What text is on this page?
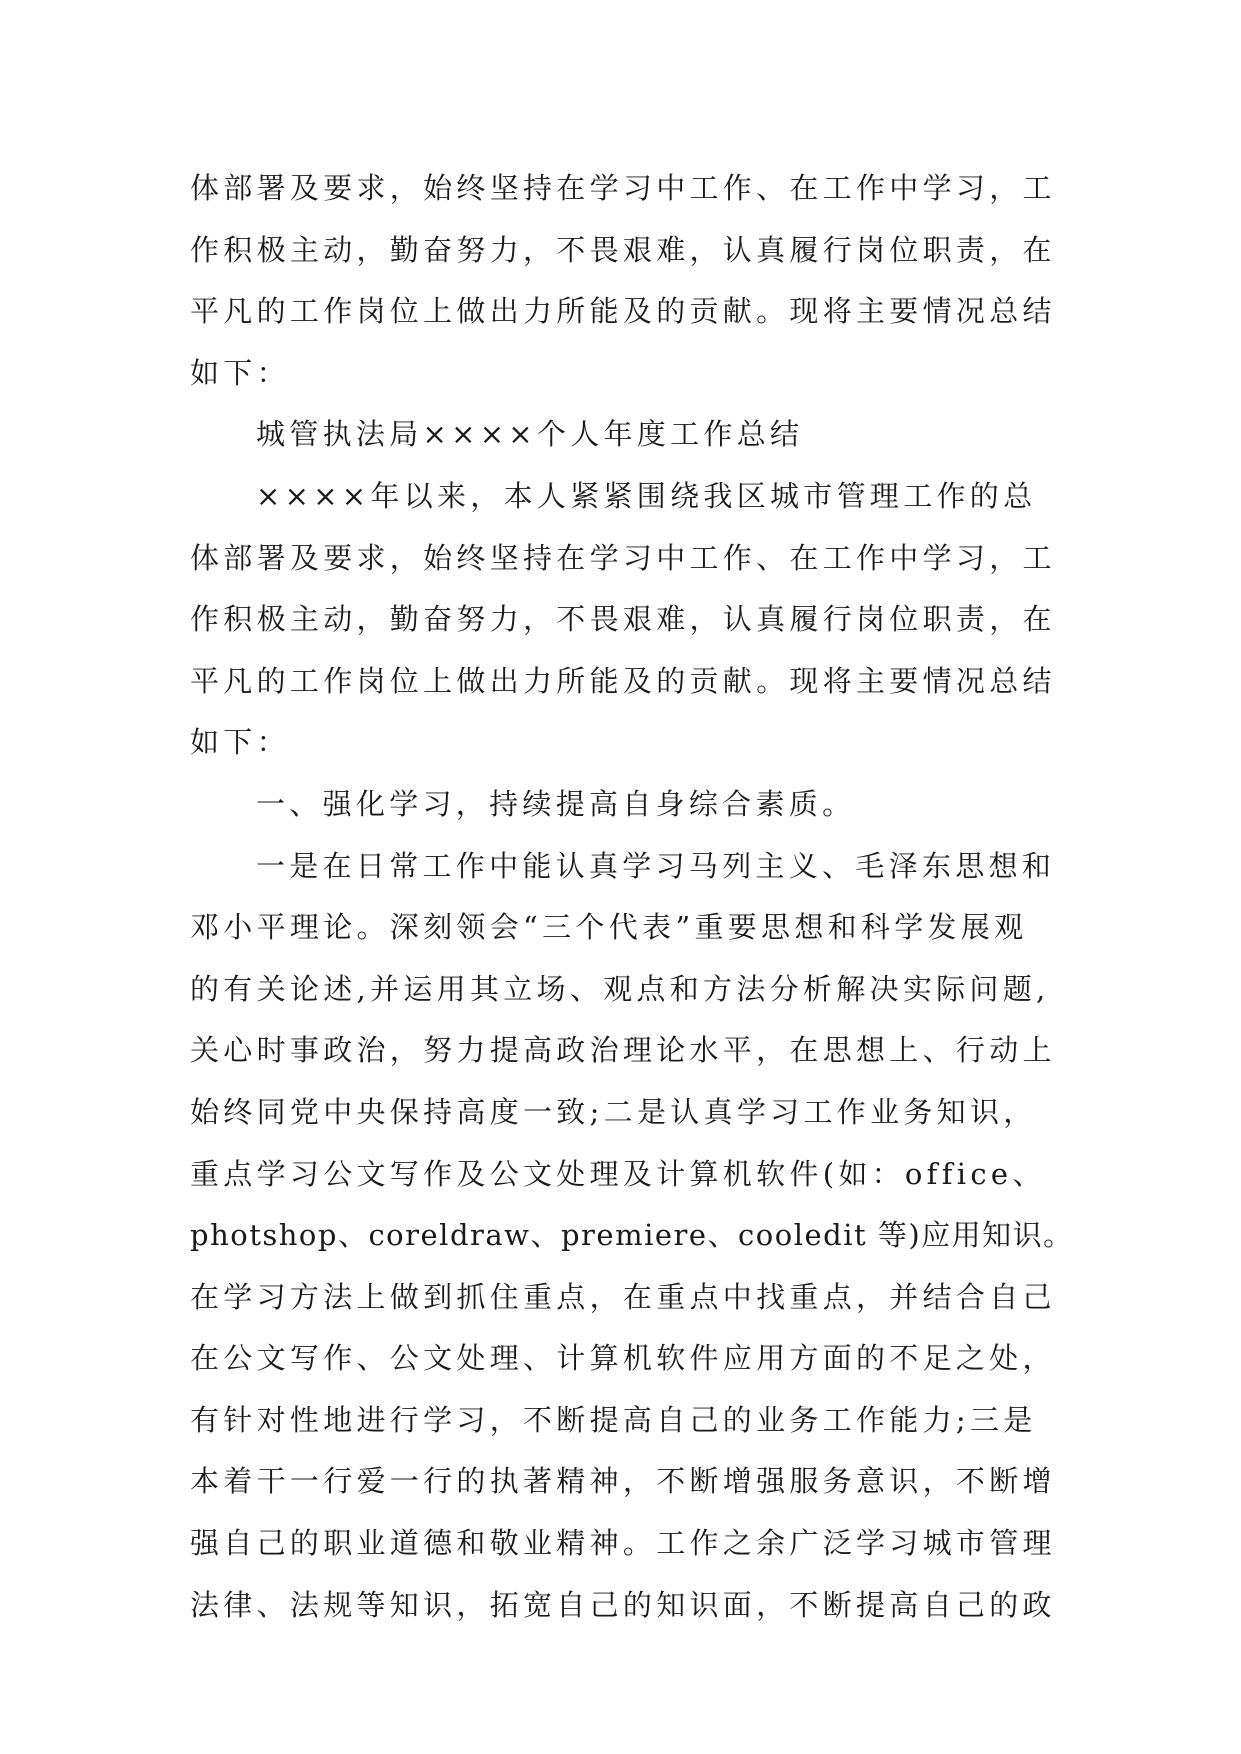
体部署及要求，始终坚持在学习中工作、在工作中学习，工
作积极主动，勤奋努力，不畏艰难，认真履行岗位职责，在
平凡的工作岗位上做出力所能及的贡献。现将主要情况总结
如下：
城管执法局××××个人年度工作总结
××××年以来，本人紧紧围绕我区城市管理工作的总
体部署及要求，始终坚持在学习中工作、在工作中学习，工
作积极主动，勤奋努力，不畏艰难，认真履行岗位职责，在
平凡的工作岗位上做出力所能及的贡献。现将主要情况总结
如下：
一、强化学习，持续提高自身综合素质。
一是在日常工作中能认真学习马列主义、毛泽东思想和
邓小平理论。深刻领会“三个代表”重要思想和科学发展观
的有关论述,并运用其立场、观点和方法分析解决实际问题,
关心时事政治，努力提高政治理论水平，在思想上、行动上
始终同党中央保持高度一致;二是认真学习工作业务知识，
重点学习公文写作及公文处理及计算机软件(如：office、
photshop、coreldraw、premiere、cooledit 等)应用知识。
在学习方法上做到抓住重点，在重点中找重点，并结合自己
在公文写作、公文处理、计算机软件应用方面的不足之处，
有针对性地进行学习，不断提高自己的业务工作能力;三是
本着干一行爱一行的执著精神，不断增强服务意识，不断增
强自己的职业道德和敬业精神。工作之余广泛学习城市管理
法律、法规等知识，拓宽自己的知识面，不断提高自己的政
